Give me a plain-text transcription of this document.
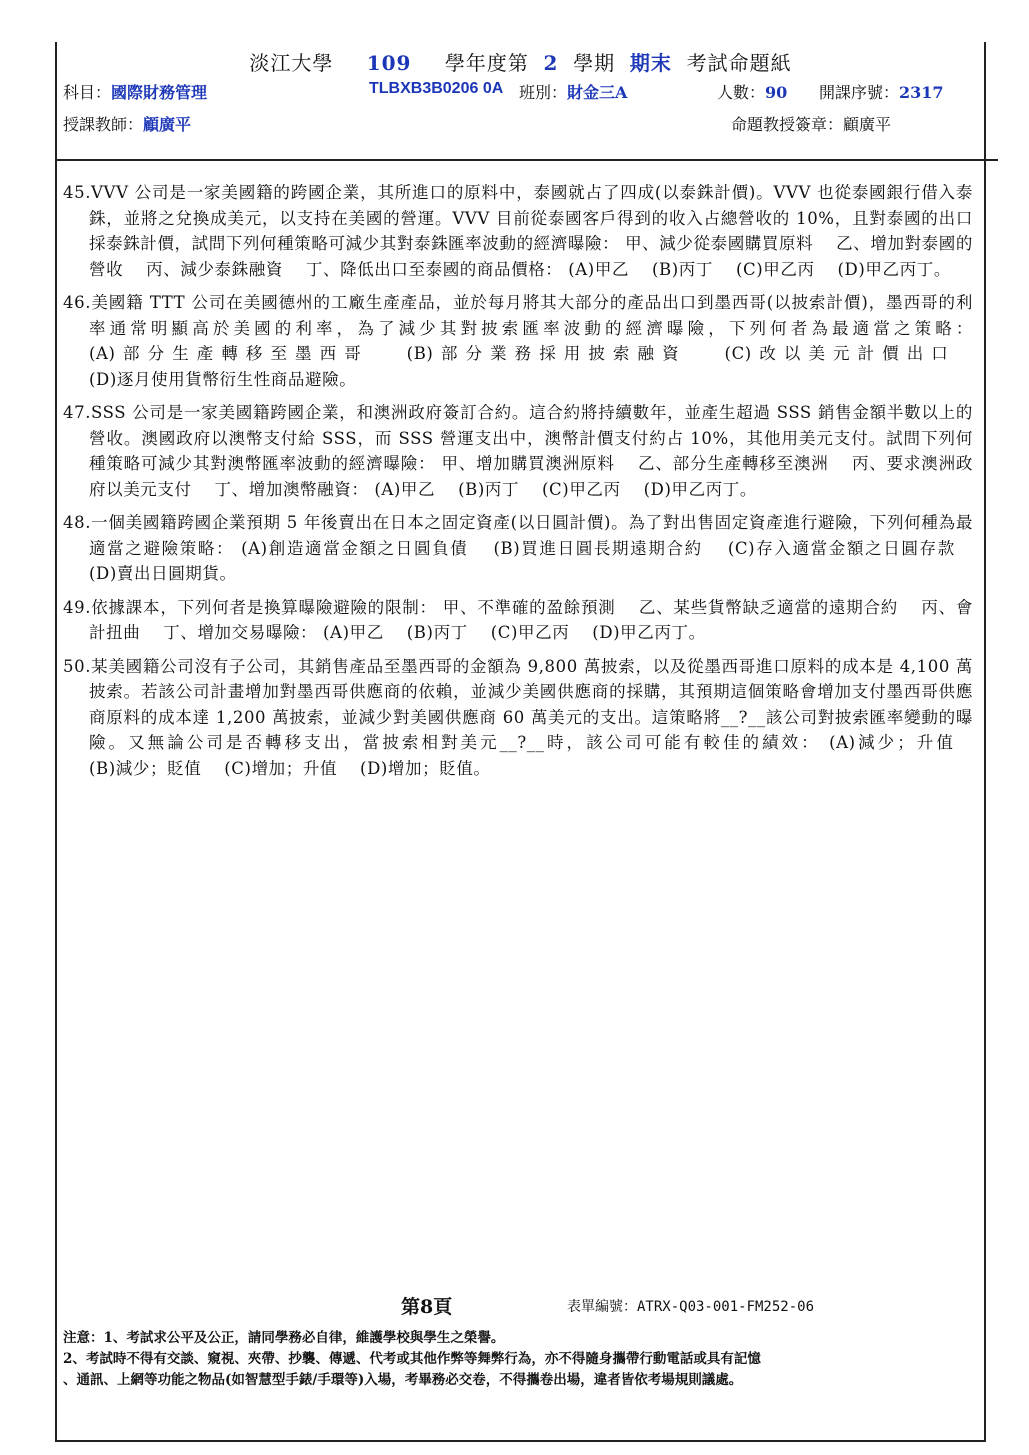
淡江大學 109 學年度第 2 學期 期末 考試命題紙
科目：國際財務管理	TLBXB3B0206 0A 班別：財金三A	人數：90 開課序號：2317
授課教師：顧廣平	命題教授簽章：顧廣平

45.VVV 公司是一家美國籍的跨國企業，其所進口的原料中，泰國就占了四成(以泰銖計價)。VVV 也從泰國銀行借入泰銖，並將之兌換成美元，以支持在美國的營運。VVV 目前從泰國客戶得到的收入占總營收的 10%，且對泰國的出口採泰銖計價，試問下列何種策略可減少其對泰銖匯率波動的經濟曝險： 甲、減少從泰國購買原料　 乙、增加對泰國的營收　 丙、減少泰銖融資　 丁、降低出口至泰國的商品價格： (A)甲乙　 (B)丙丁　 (C)甲乙丙　 (D)甲乙丙丁。

46.美國籍 TTT 公司在美國德州的工廠生產產品，並於每月將其大部分的產品出口到墨西哥(以披索計價)，墨西哥的利率通常明顯高於美國的利率，為了減少其對披索匯率波動的經濟曝險，下列何者為最適當之策略： (A)部分生產轉移至墨西哥　 (B)部分業務採用披索融資　 (C)改以美元計價出口　 (D)逐月使用貨幣衍生性商品避險。

47.SSS 公司是一家美國籍跨國企業，和澳洲政府簽訂合約。這合約將持續數年，並產生超過 SSS 銷售金額半數以上的營收。澳國政府以澳幣支付給 SSS，而 SSS 營運支出中，澳幣計價支付約占 10%，其他用美元支付。試問下列何種策略可減少其對澳幣匯率波動的經濟曝險： 甲、增加購買澳洲原料　 乙、部分生產轉移至澳洲　 丙、要求澳洲政府以美元支付　 丁、增加澳幣融資： (A)甲乙　 (B)丙丁　 (C)甲乙丙　 (D)甲乙丙丁。

48.一個美國籍跨國企業預期 5 年後賣出在日本之固定資產(以日圓計價)。為了對出售固定資產進行避險，下列何種為最適當之避險策略： (A)創造適當金額之日圓負債　 (B)買進日圓長期遠期合約　 (C)存入適當金額之日圓存款　 (D)賣出日圓期貨。

49.依據課本，下列何者是換算曝險避險的限制： 甲、不準確的盈餘預測　 乙、某些貨幣缺乏適當的遠期合約　 丙、會計扭曲　 丁、增加交易曝險： (A)甲乙　 (B)丙丁　 (C)甲乙丙　 (D)甲乙丙丁。

50.某美國籍公司沒有子公司，其銷售產品至墨西哥的金額為 9,800 萬披索，以及從墨西哥進口原料的成本是 4,100 萬披索。若該公司計畫增加對墨西哥供應商的依賴，並減少美國供應商的採購，其預期這個策略會增加支付墨西哥供應商原料的成本達 1,200 萬披索，並減少對美國供應商 60 萬美元的支出。這策略將__?__該公司對披索匯率變動的曝險。又無論公司是否轉移支出，當披索相對美元__?__時，該公司可能有較佳的績效： (A)減少；升值　 (B)減少；貶值　 (C)增加；升值　 (D)增加；貶值。

第8頁	表單編號：ATRX-Q03-001-FM252-06
注意：1、考試求公平及公正，請同學務必自律，維護學校與學生之榮譽。
2、考試時不得有交談、窺視、夾帶、抄襲、傳遞、代考或其他作弊等舞弊行為，亦不得隨身攜帶行動電話或具有記憶
、通訊、上網等功能之物品(如智慧型手錶/手環等)入場，考畢務必交卷，不得攜卷出場，違者皆依考場規則議處。
